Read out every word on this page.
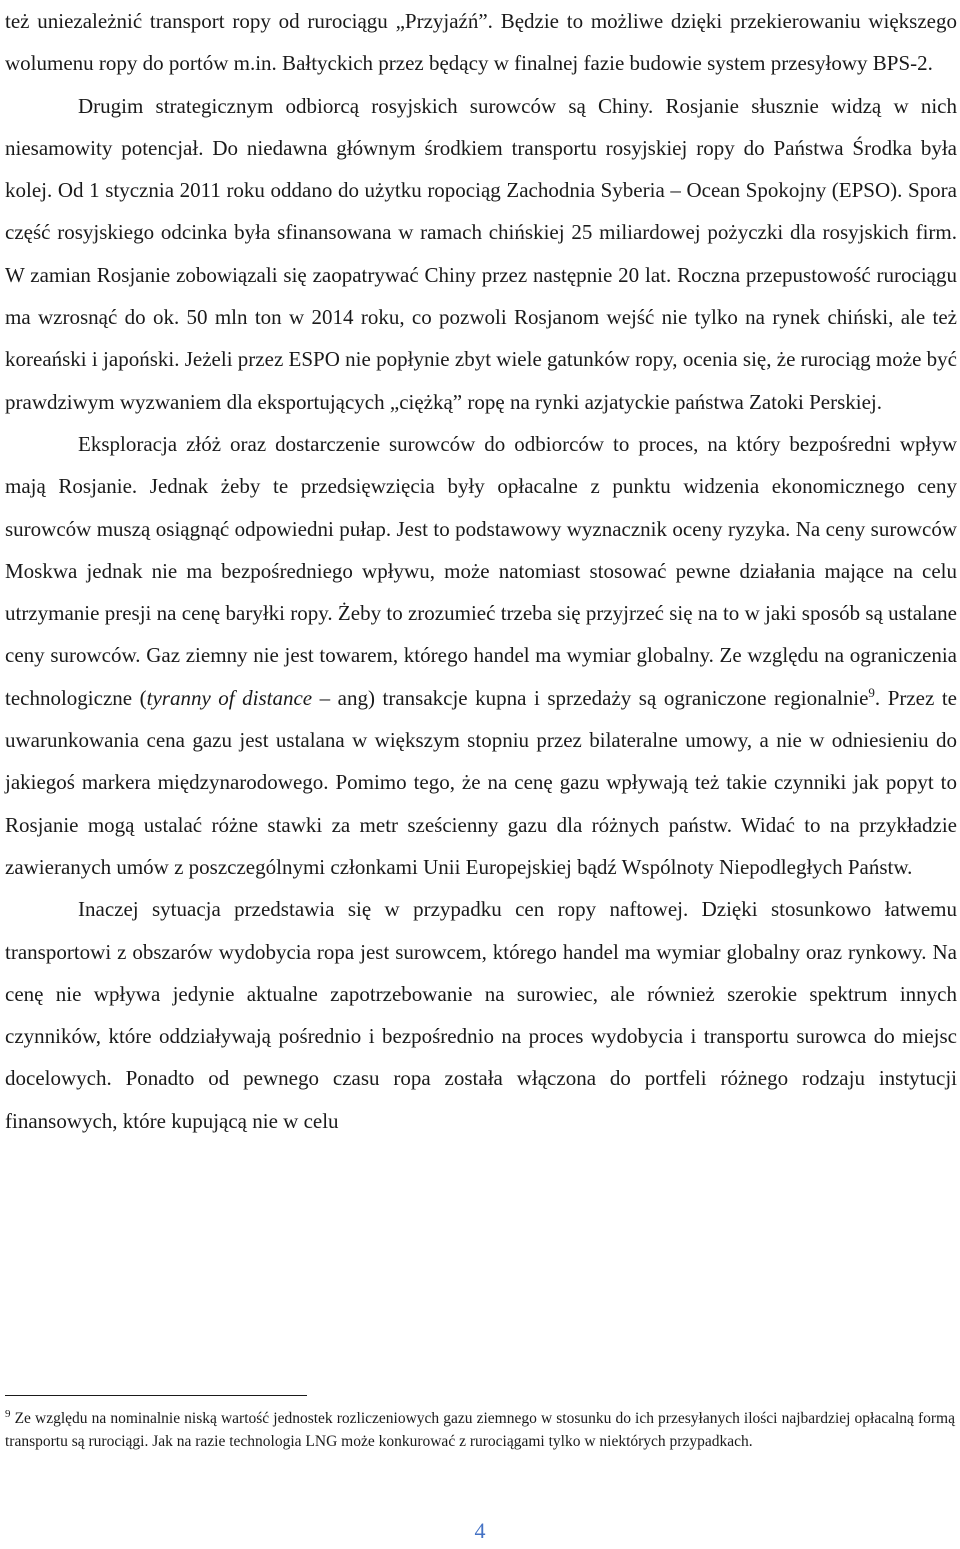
też uniezależnić transport ropy od rurociągu „Przyjaźń”. Będzie to możliwe dzięki przekierowaniu większego wolumenu ropy do portów m.in. Bałtyckich przez będący w finalnej fazie budowie system przesyłowy BPS-2.

Drugim strategicznym odbiorcą rosyjskich surowców są Chiny. Rosjanie słusznie widzą w nich niesamowity potencjał. Do niedawna głównym środkiem transportu rosyjskiej ropy do Państwa Środka była kolej. Od 1 stycznia 2011 roku oddano do użytku ropociąg Zachodnia Syberia – Ocean Spokojny (EPSO). Spora część rosyjskiego odcinka była sfinansowana w ramach chińskiej 25 miliardowej pożyczki dla rosyjskich firm. W zamian Rosjanie zobowiązali się zaopatrywać Chiny przez następnie 20 lat. Roczna przepustowość rurociągu ma wzrosnąć do ok. 50 mln ton w 2014 roku, co pozwoli Rosjanom wejść nie tylko na rynek chiński, ale też koreański i japoński. Jeżeli przez ESPO nie popłynie zbyt wiele gatunków ropy, ocenia się, że rurociąg może być prawdziwym wyzwaniem dla eksportujących „ciężką” ropę na rynki azjatyckie państwa Zatoki Perskiej.

Eksploracja złóż oraz dostarczenie surowców do odbiorców to proces, na który bezpośredni wpływ mają Rosjanie. Jednak żeby te przedsięwzięcia były opłacalne z punktu widzenia ekonomicznego ceny surowców muszą osiągnąć odpowiedni pułap. Jest to podstawowy wyznacznik oceny ryzyka. Na ceny surowców Moskwa jednak nie ma bezpośredniego wpływu, może natomiast stosować pewne działania mające na celu utrzymanie presji na cenę baryłki ropy. Żeby to zrozumieć trzeba się przyjrzeć się na to w jaki sposób są ustalane ceny surowców. Gaz ziemny nie jest towarem, którego handel ma wymiar globalny. Ze względu na ograniczenia technologiczne (tyranny of distance – ang) transakcje kupna i sprzedaży są ograniczone regionalnie$^9$. Przez te uwarunkowania cena gazu jest ustalana w większym stopniu przez bilateralne umowy, a nie w odniesieniu do jakiegoś markera międzynarodowego. Pomimo tego, że na cenę gazu wpływają też takie czynniki jak popyt to Rosjanie mogą ustalać różne stawki za metr sześcienny gazu dla różnych państw. Widać to na przykładzie zawieranych umów z poszczególnymi członkami Unii Europejskiej bądź Wspólnoty Niepodległych Państw.

Inaczej sytuacja przedstawia się w przypadku cen ropy naftowej. Dzięki stosunkowo łatwemu transportowi z obszarów wydobycia ropa jest surowcem, którego handel ma wymiar globalny oraz rynkowy. Na cenę nie wpływa jedynie aktualne zapotrzebowanie na surowiec, ale również szerokie spektrum innych czynników, które oddziaływają pośrednio i bezpośrednio na proces wydobycia i transportu surowca do miejsc docelowych. Ponadto od pewnego czasu ropa została włączona do portfeli różnego rodzaju instytucji finansowych, które kupującą nie w celu

$^9$ Ze względu na nominalnie niską wartość jednostek rozliczeniowych gazu ziemnego w stosunku do ich przesyłanych ilości najbardziej opłacalną formą transportu są rurociągi. Jak na razie technologia LNG może konkurować z rurociągami tylko w niektórych przypadkach.

4
